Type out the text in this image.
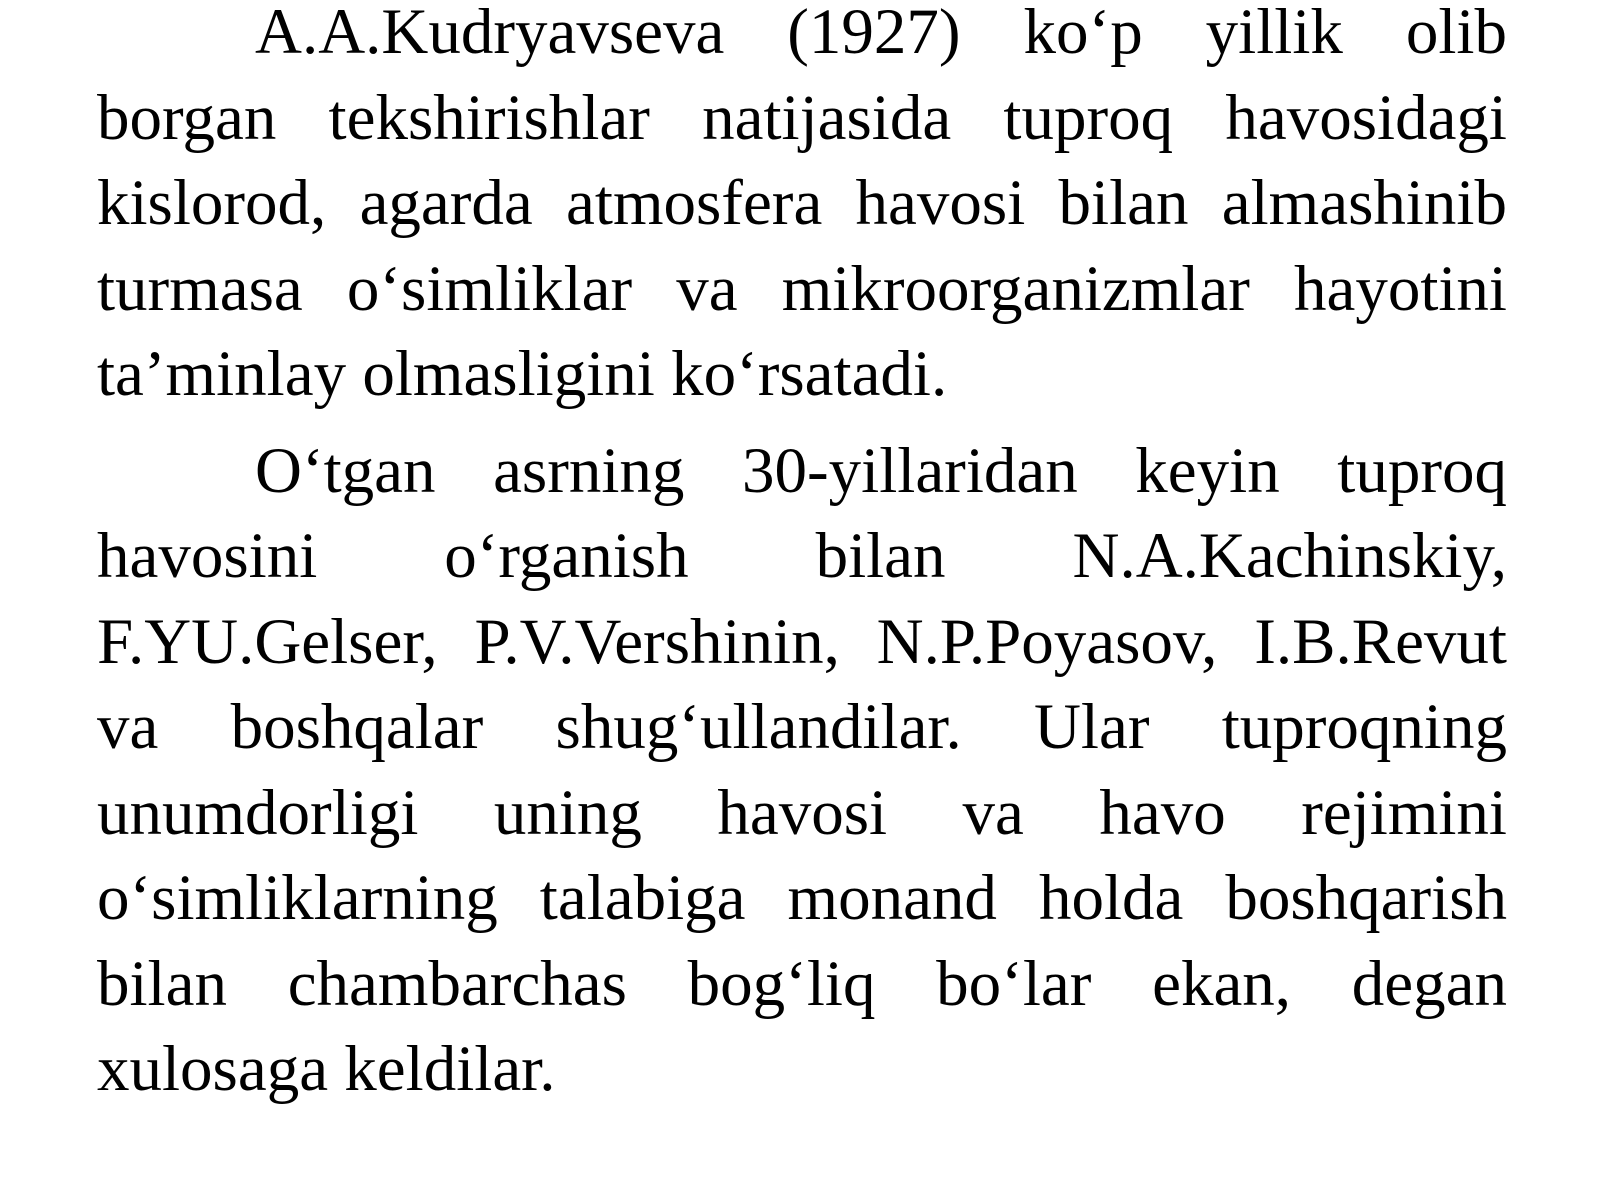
A.A.Kudryavseva (1927) koʻp yillik olib borgan tekshirishlar natijasida tuproq havosidagi kislorod, agarda atmosfera havosi bilan almashinib turmasa oʻsimliklar va mikroorganizmlar hayotini taʼminlay olmasligini koʻrsatadi.

Oʻtgan asrning 30-yillaridan keyin tuproq havosini oʻrganish bilan N.A.Kachinskiy, F.YU.Gelser, P.V.Vershinin, N.P.Poyasov, I.B.Revut va boshqalar shugʻullandilar. Ular tuproqning unumdorligi uning havosi va havo rejimini oʻsimliklarning talabiga monand holda boshqarish bilan chambarchas bogʻliq boʻlar ekan, degan xulosaga keldilar.
